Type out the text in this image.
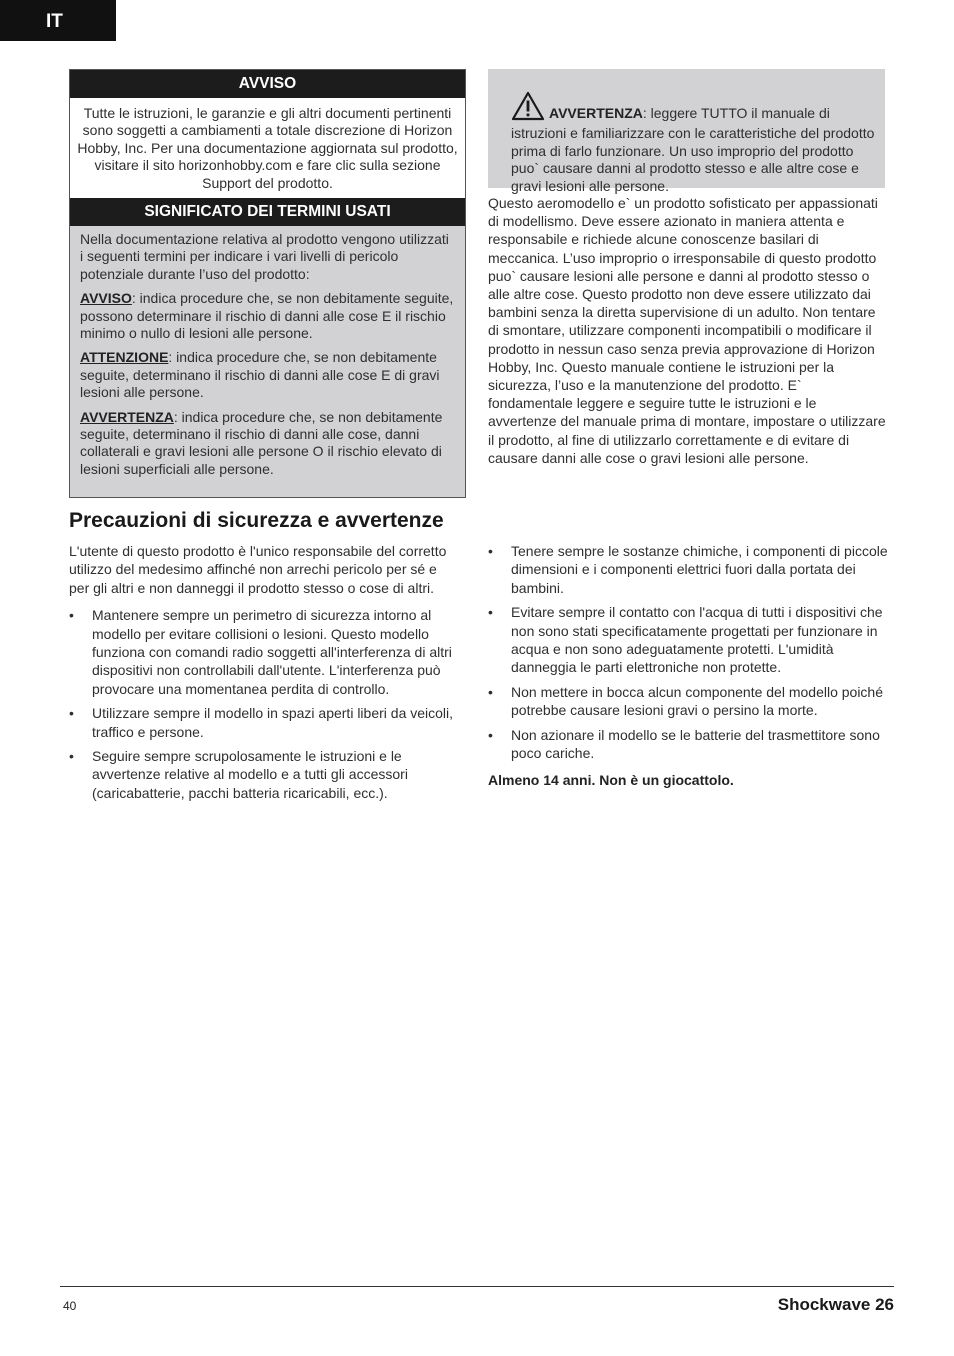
IT
AVVISO
Tutte le istruzioni, le garanzie e gli altri documenti pertinenti sono soggetti a cambiamenti a totale discrezione di Horizon Hobby, Inc. Per una documentazione aggiornata sul prodotto, visitare il sito horizonhobby.com e fare clic sulla sezione Support del prodotto.
SIGNIFICATO DEI TERMINI USATI

Nella documentazione relativa al prodotto vengono utilizzati i seguenti termini per indicare i vari livelli di pericolo potenziale durante l’uso del prodotto:

AVVISO: indica procedure che, se non debitamente seguite, possono determinare il rischio di danni alle cose E il rischio minimo o nullo di lesioni alle persone.

ATTENZIONE: indica procedure che, se non debitamente seguite, determinano il rischio di danni alle cose E di gravi lesioni alle persone.

AVVERTENZA: indica procedure che, se non debitamente seguite, determinano il rischio di danni alle cose, danni collaterali e gravi lesioni alle persone O il rischio elevato di lesioni superficiali alle persone.

AVVERTENZA: leggere TUTTO il manuale di istruzioni e familiarizzare con le caratteristiche del prodotto prima di farlo funzionare. Un uso improprio del prodotto puo` causare danni al prodotto stesso e alle altre cose e gravi lesioni alle persone.

Questo aeromodello e` un prodotto sofisticato per appassionati di modellismo. Deve essere azionato in maniera attenta e responsabile e richiede alcune conoscenze basilari di meccanica. L’uso improprio o irresponsabile di questo prodotto puo` causare lesioni alle persone e danni al prodotto stesso o alle altre cose. Questo prodotto non deve essere utilizzato dai bambini senza la diretta supervisione di un adulto. Non tentare di smontare, utilizzare componenti incompatibili o modificare il prodotto in nessun caso senza previa approvazione di Horizon Hobby, Inc. Questo manuale contiene le istruzioni per la sicurezza, l’uso e la manutenzione del prodotto. E` fondamentale leggere e seguire tutte le istruzioni e le avvertenze del manuale prima di montare, impostare o utilizzare il prodotto, al fine di utilizzarlo correttamente e di evitare di causare danni alle cose o gravi lesioni alle persone.

Precauzioni di sicurezza e avvertenze

L'utente di questo prodotto è l'unico responsabile del corretto utilizzo del medesimo affinché non arrechi pericolo per sé e per gli altri e non danneggi il prodotto stesso o cose di altri.

• Mantenere sempre un perimetro di sicurezza intorno al modello per evitare collisioni o lesioni. Questo modello funziona con comandi radio soggetti all'interferenza di altri dispositivi non controllabili dall'utente. L'interferenza può provocare una momentanea perdita di controllo.
• Utilizzare sempre il modello in spazi aperti liberi da veicoli, traffico e persone.
• Seguire sempre scrupolosamente le istruzioni e le avvertenze relative al modello e a tutti gli accessori (caricabatterie, pacchi batteria ricaricabili, ecc.).
• Tenere sempre le sostanze chimiche, i componenti di piccole dimensioni e i componenti elettrici fuori dalla portata dei bambini.
• Evitare sempre il contatto con l'acqua di tutti i dispositivi che non sono stati specificatamente progettati per funzionare in acqua e non sono adeguatamente protetti. L'umidità danneggia le parti elettroniche non protette.
• Non mettere in bocca alcun componente del modello poiché potrebbe causare lesioni gravi o persino la morte.
• Non azionare il modello se le batterie del trasmettitore sono poco cariche.

Almeno 14 anni. Non è un giocattolo.

40	Shockwave 26
